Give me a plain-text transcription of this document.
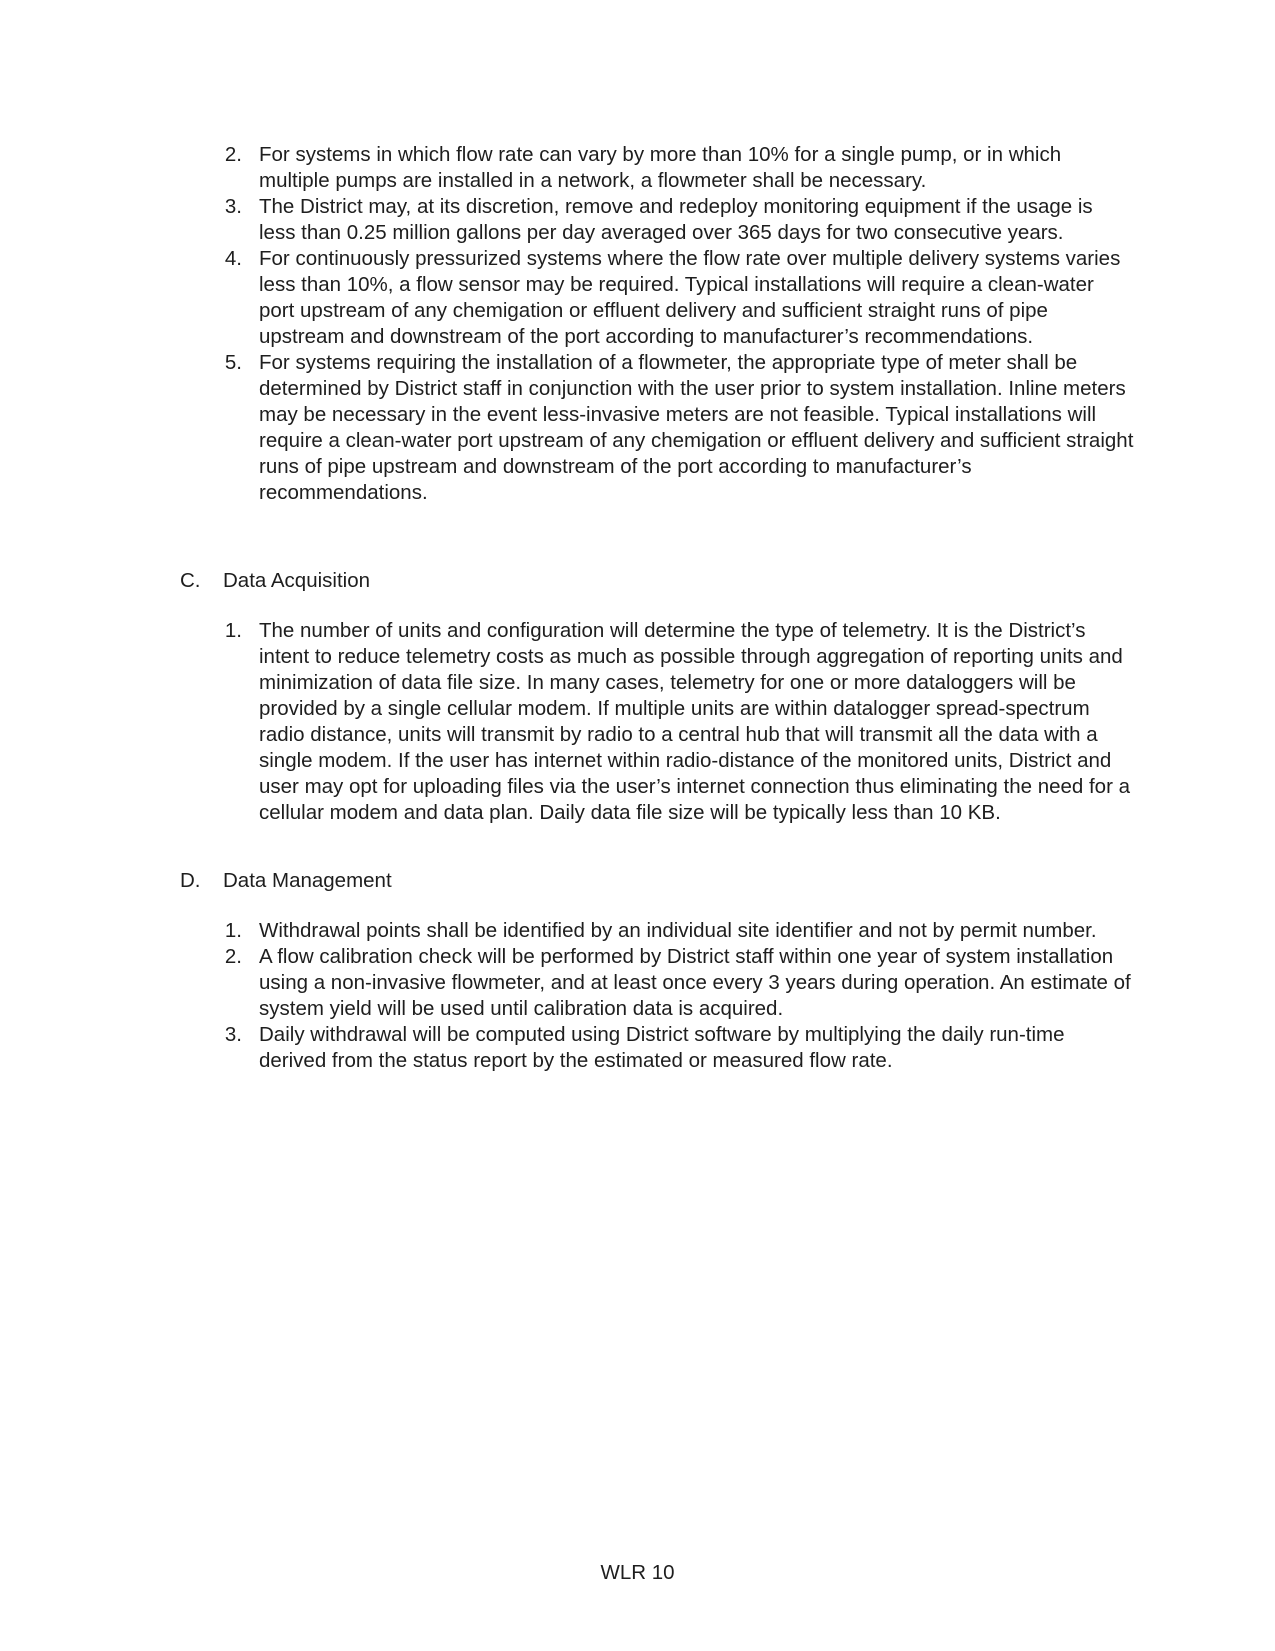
2. For systems in which flow rate can vary by more than 10% for a single pump, or in which multiple pumps are installed in a network, a flowmeter shall be necessary.
3. The District may, at its discretion, remove and redeploy monitoring equipment if the usage is less than 0.25 million gallons per day averaged over 365 days for two consecutive years.
4. For continuously pressurized systems where the flow rate over multiple delivery systems varies less than 10%, a flow sensor may be required. Typical installations will require a clean-water port upstream of any chemigation or effluent delivery and sufficient straight runs of pipe upstream and downstream of the port according to manufacturer’s recommendations.
5. For systems requiring the installation of a flowmeter, the appropriate type of meter shall be determined by District staff in conjunction with the user prior to system installation. Inline meters may be necessary in the event less-invasive meters are not feasible. Typical installations will require a clean-water port upstream of any chemigation or effluent delivery and sufficient straight runs of pipe upstream and downstream of the port according to manufacturer’s recommendations.
C.	Data Acquisition
1. The number of units and configuration will determine the type of telemetry. It is the District’s intent to reduce telemetry costs as much as possible through aggregation of reporting units and minimization of data file size. In many cases, telemetry for one or more dataloggers will be provided by a single cellular modem. If multiple units are within datalogger spread-spectrum radio distance, units will transmit by radio to a central hub that will transmit all the data with a single modem. If the user has internet within radio-distance of the monitored units, District and user may opt for uploading files via the user’s internet connection thus eliminating the need for a cellular modem and data plan. Daily data file size will be typically less than 10 KB.
D.	Data Management
1. Withdrawal points shall be identified by an individual site identifier and not by permit number.
2. A flow calibration check will be performed by District staff within one year of system installation using a non-invasive flowmeter, and at least once every 3 years during operation. An estimate of system yield will be used until calibration data is acquired.
3. Daily withdrawal will be computed using District software by multiplying the daily run-time derived from the status report by the estimated or measured flow rate.
WLR 10
